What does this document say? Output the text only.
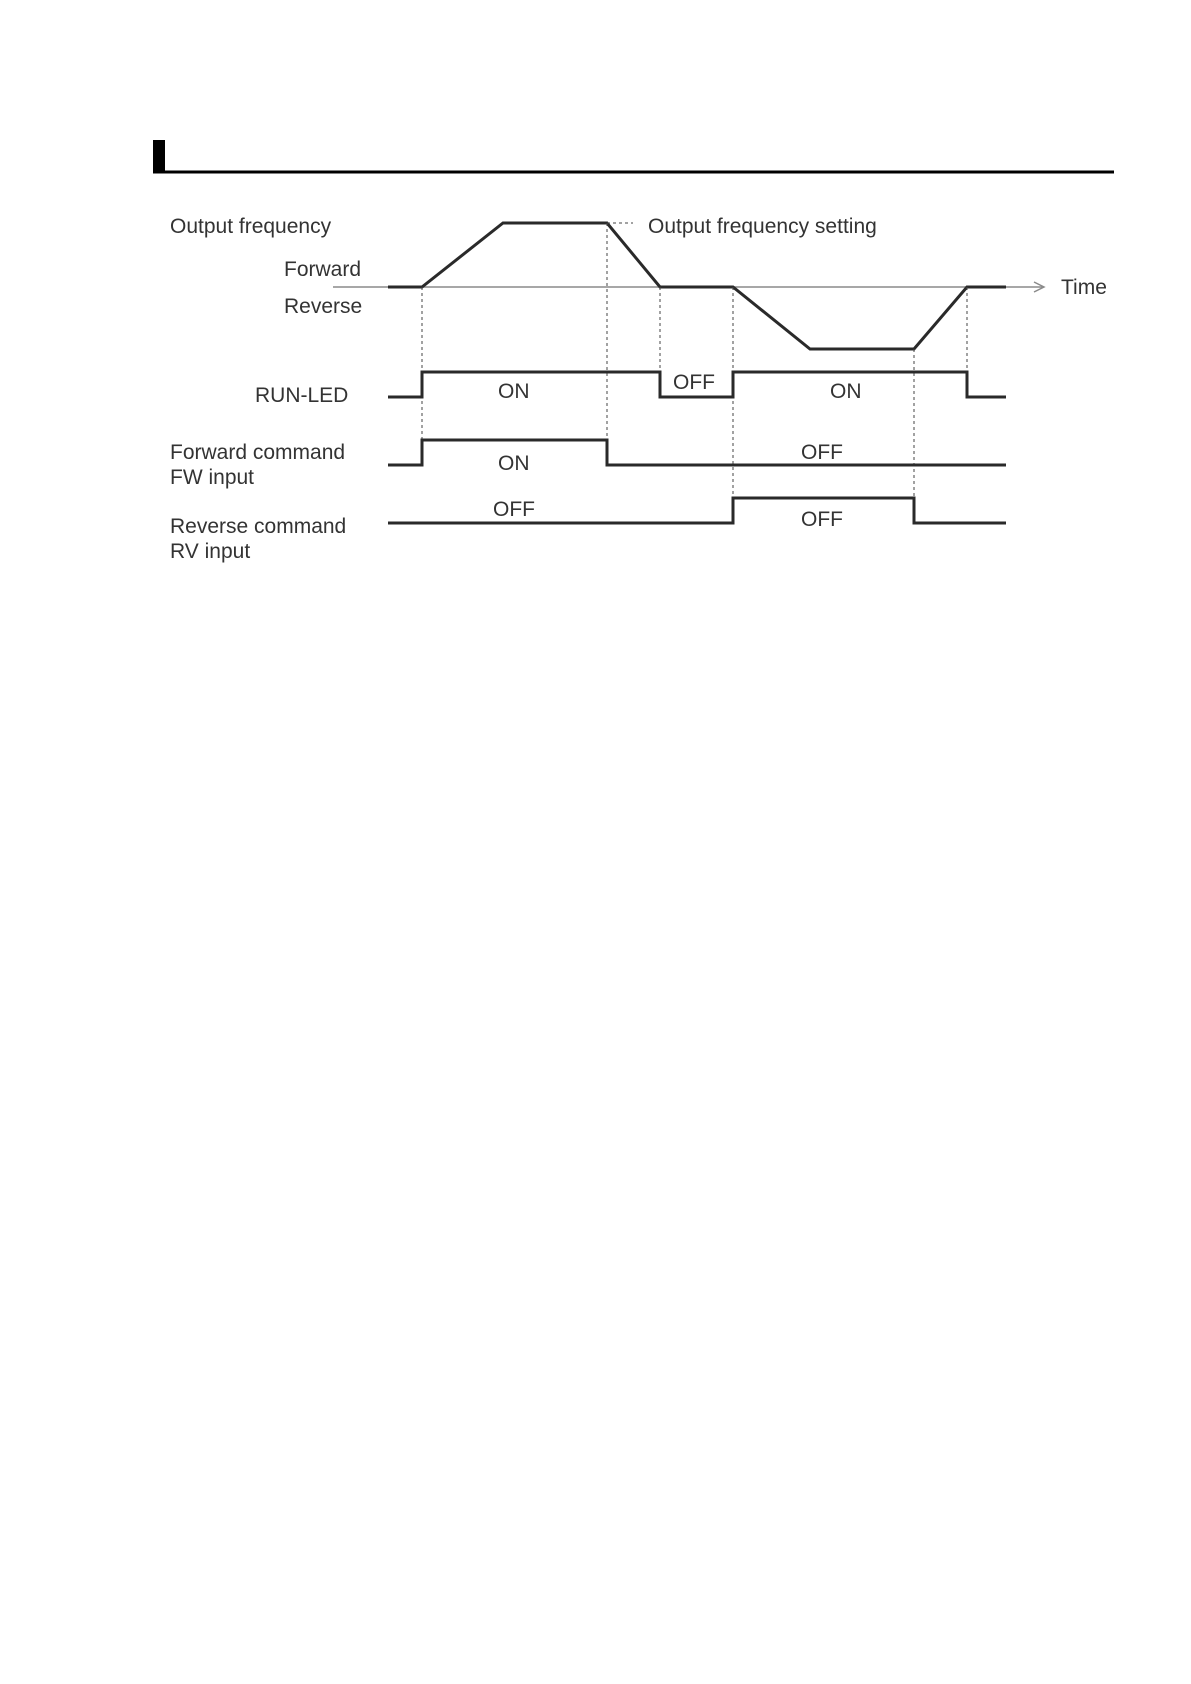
Output frequency
Forward
Reverse
RUN-LED
Forward command
FW input
Reverse command
RV input
Time
Output frequency setting
ON	OFF	ON
ON	OFF
OFF	OFF
